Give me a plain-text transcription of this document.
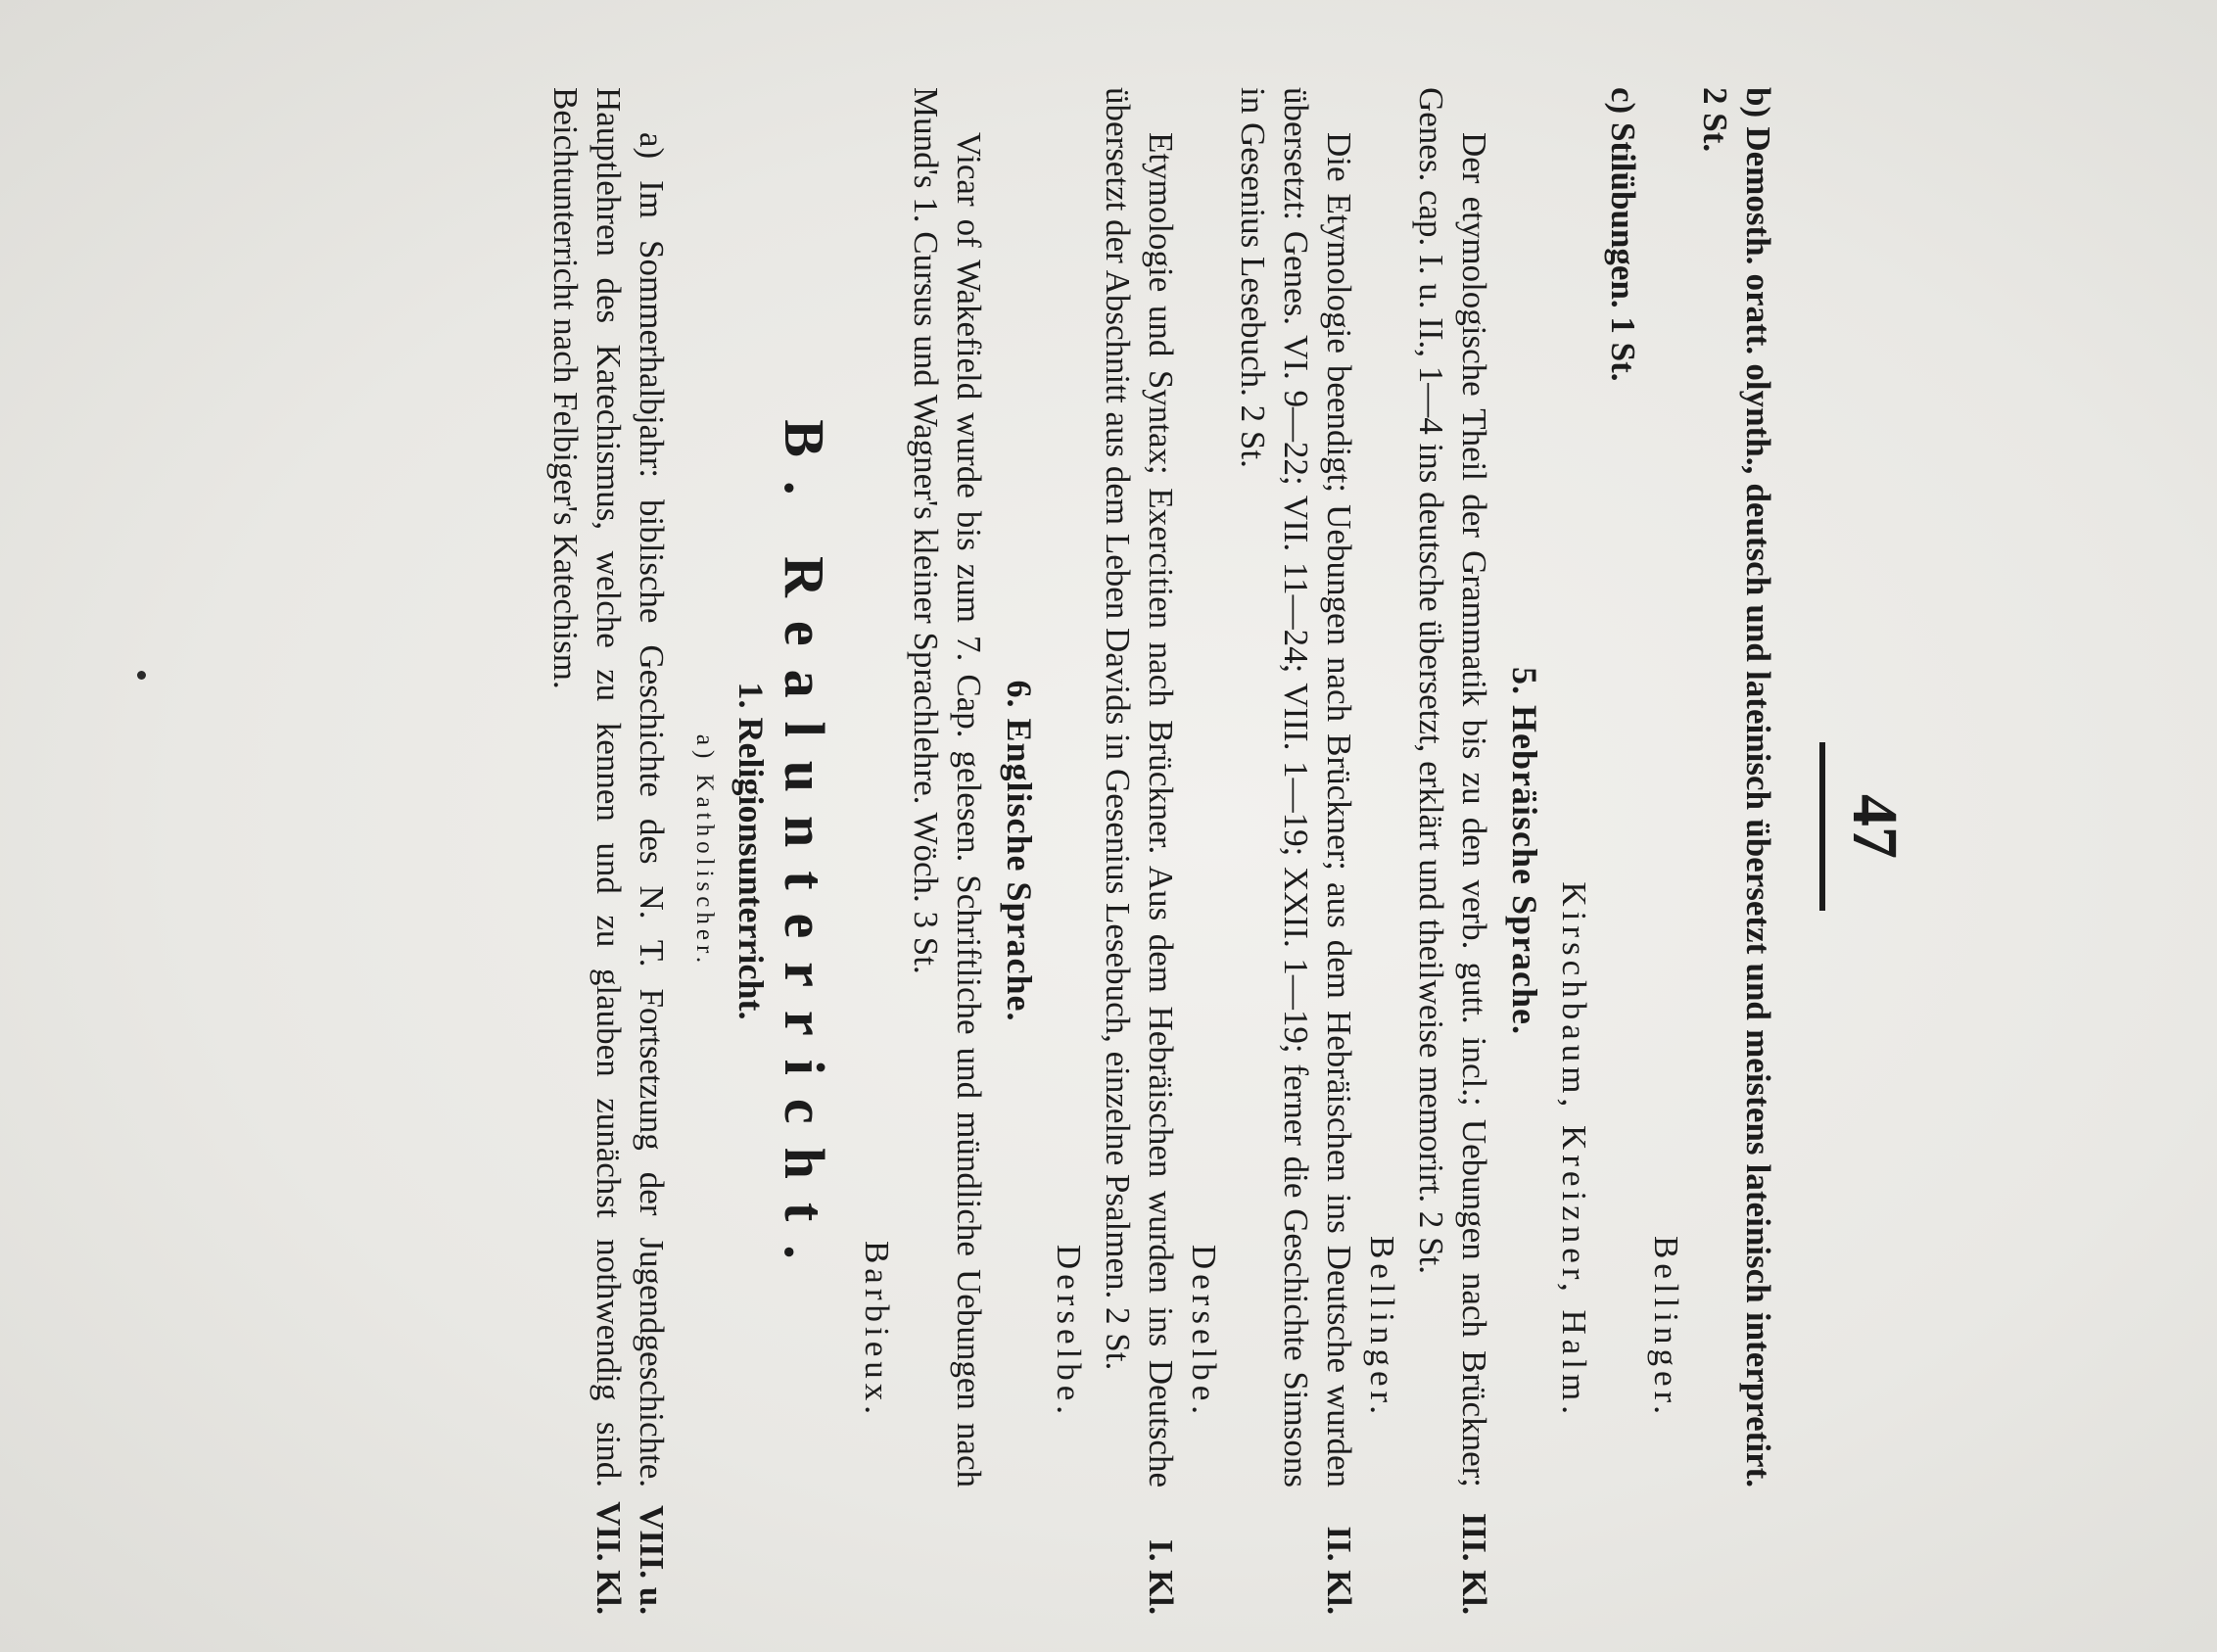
47
b) Demosth. oratt. olynth., deutsch und lateinisch übersetzt und meistens lateinisch interpretirt. 2 St.
Bellinger.
c) Stilübungen. 1 St.
Kirschbaum, Kreizner, Halm.
5. Hebräische Sprache.
Der etymologische Theil der Grammatik bis zu den verb. gutt. incl.; Uebungen nach Brückner; Genes. cap. I. u. II., 1—4 ins deutsche übersetzt, erklärt und theilweise memorirt. 2 St.
III. Kl.
Bellinger.
Die Etymologie beendigt; Uebungen nach Brückner; aus dem Hebräischen ins Deutsche wurden übersetzt: Genes. VI. 9—22; VII. 11—24; VIII. 1—19; XXII. 1—19; ferner die Geschichte Simsons in Gesenius Lesebuch. 2 St.
II. Kl.
Derselbe.
Etymologie und Syntax; Exercitien nach Brückner. Aus dem Hebräischen wurden ins Deutsche übersetzt der Abschnitt aus dem Leben Davids in Gesenius Lesebuch, einzelne Psalmen. 2 St.
I. Kl.
Derselbe.
6. Englische Sprache.
Vicar of Wakefield wurde bis zum 7. Cap. gelesen. Schriftliche und mündliche Uebungen nach Mund's 1. Cursus und Wagner's kleiner Sprachlehre. Wöch. 3 St.
Barbieux.
B. Realunterricht.
1. Religionsunterricht.
a) Katholischer.
a) Im Sommerhalbjahr: biblische Geschichte des N. T. Fortsetzung der Jugendgeschichte. Hauptlehren des Katechismus, welche zu kennen und zu glauben zunächst nothwendig sind. Beichtunterricht nach Felbiger's Katechism.
VIII. u. VII. Kl.
